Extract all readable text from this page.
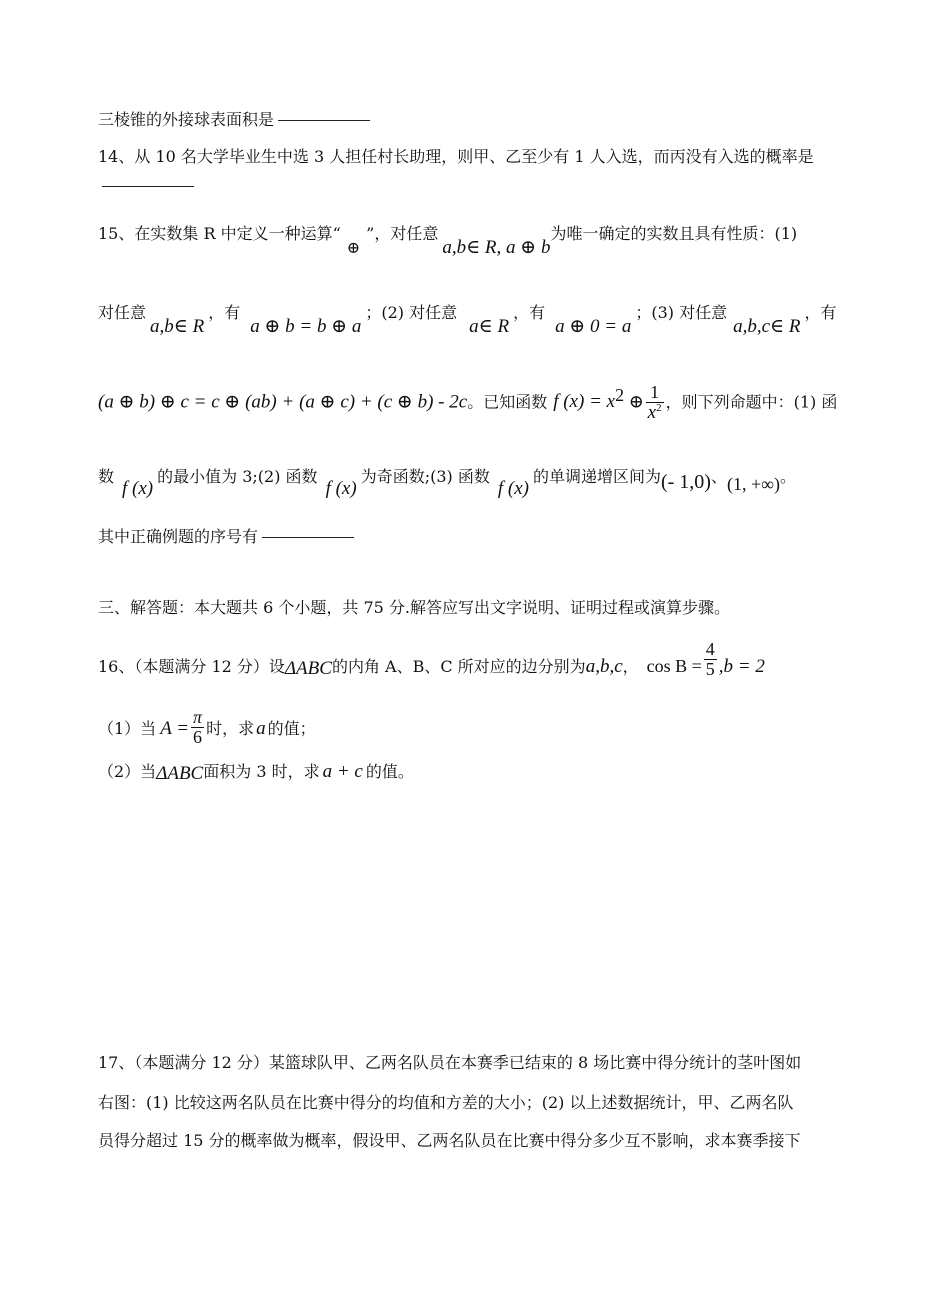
三棱锥的外接球表面积是
14、从 10 名大学毕业生中选 3 人担任村长助理，则甲、乙至少有 1 人入选，而丙没有入选的概率是
15、在实数集 R 中定义一种运算“⊕”，对任意a,b∈ R, a ⊕ b为唯一确定的实数且具有性质：(1)
对任意a,b∈ R，有a ⊕ b = b ⊕ a；(2) 对任意a∈ R，有a ⊕ 0 = a；(3) 对任意a,b,c∈ R，有
(a ⊕ b) ⊕ c = c ⊕ (ab) + (a ⊕ c) + (c ⊕ b) - 2c。已知函数 f $(x) = x^2$ ⊕ $\frac{1}{x^2}$ ，则下列命题中：(1) 函
数f (x)的最小值为 3;(2) 函数f (x)为奇函数;(3) 函数f (x)的单调递增区间为(- 1,0)、(1, +∞)。
其中正确例题的序号有
三、解答题：本大题共 6 个小题，共 75 分.解答应写出文字说明、证明过程或演算步骤。
16、（本题满分 12 分）设ΔABC的内角 A、B、C 所对应的边分别为a,b,c， $\cos B = \frac{4}{5} ,b = 2$
（1）当 $A = \frac{\pi}{6}$ 时，求 a 的值；
（2）当ΔABC面积为 3 时，求 a + c 的值。
17、（本题满分 12 分）某篮球队甲、乙两名队员在本赛季已结束的 8 场比赛中得分统计的茎叶图如
右图：(1) 比较这两名队员在比赛中得分的均值和方差的大小；(2) 以上述数据统计，甲、乙两名队
员得分超过 15 分的概率做为概率，假设甲、乙两名队员在比赛中得分多少互不影响，求本赛季接下
